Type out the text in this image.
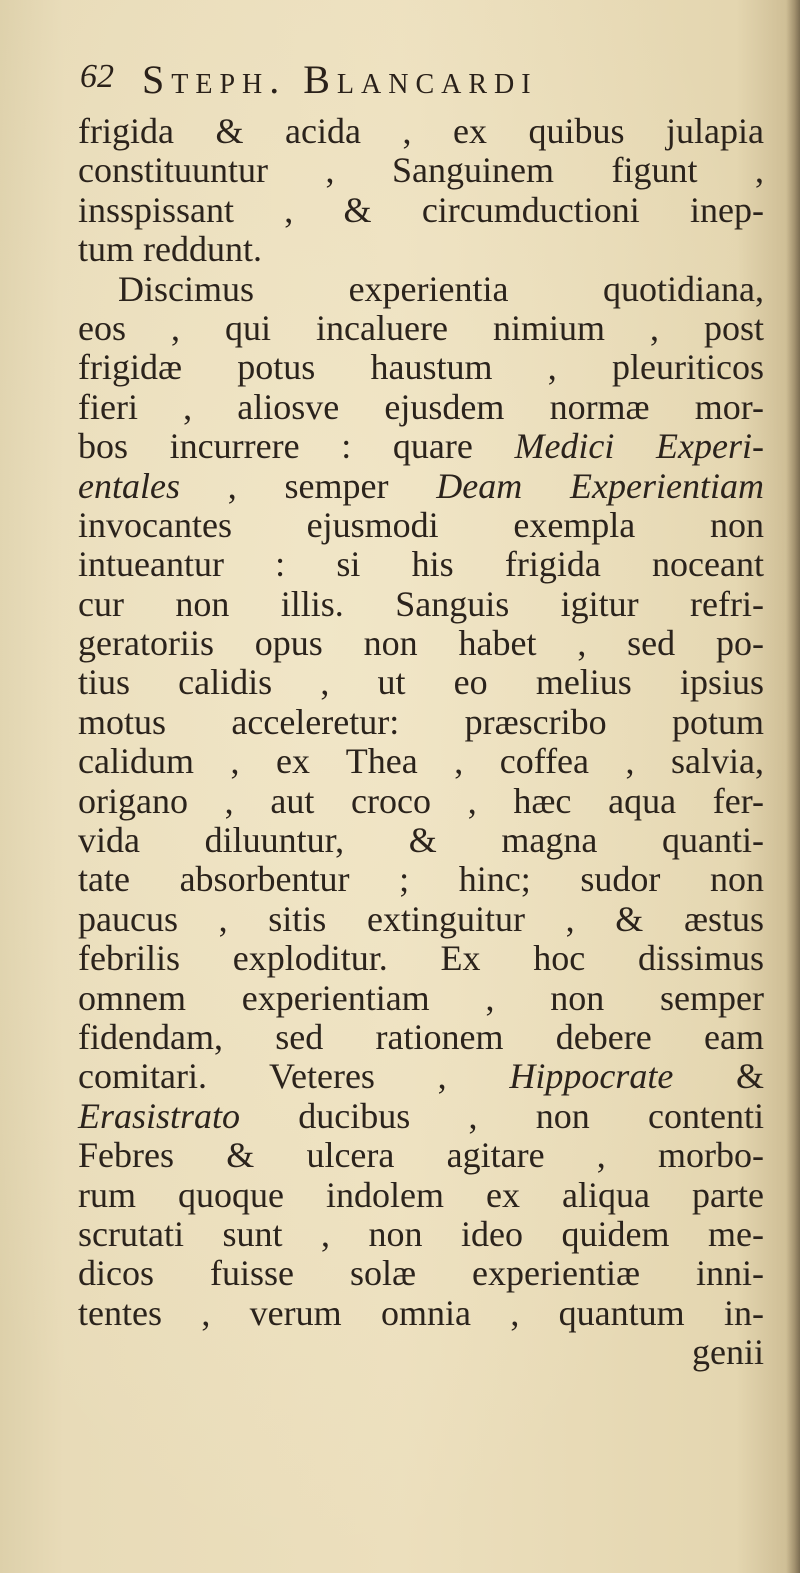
62 Steph. Blancardi
frigida & acida , ex quibus julapia
constituuntur , Sanguinem figunt ,
insspissant , & circumductioni inep-
tum reddunt.
Discimus experientia quotidiana,
eos , qui incaluere nimium , post
frigidæ potus haustum , pleuriticos
fieri , aliosve ejusdem normæ mor-
bos incurrere : quare Medici Experi-
entales , semper Deam Experientiam
invocantes ejusmodi exempla non
intueantur : si his frigida noceant
cur non illis. Sanguis igitur refri-
geratoriis opus non habet , sed po-
tius calidis , ut eo melius ipsius
motus acceleretur: præscribo potum
calidum , ex Thea , coffea , salvia,
origano , aut croco , hæc aqua fer-
vida diluuntur, & magna quanti-
tate absorbentur ; hinc; sudor non
paucus , sitis extinguitur , & æstus
febrilis exploditur. Ex hoc dissimus
omnem experientiam , non semper
fidendam, sed rationem debere eam
comitari. Veteres , Hippocrate &
Erasistrato ducibus , non contenti
Febres & ulcera agitare , morbo-
rum quoque indolem ex aliqua parte
scrutati sunt , non ideo quidem me-
dicos fuisse solæ experientiæ inni-
tentes , verum omnia , quantum in-
genii
